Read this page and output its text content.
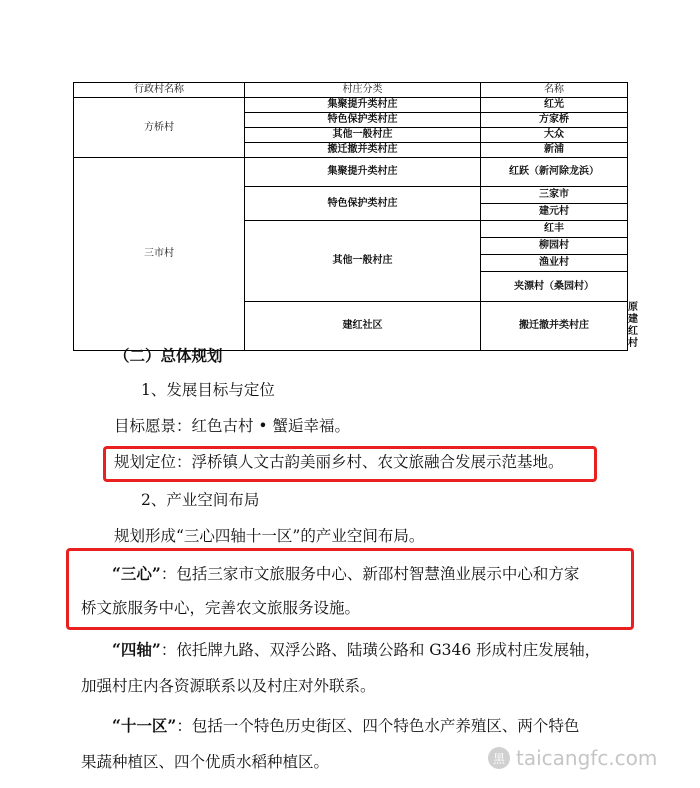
行政村名称	村庄分类	名称	
方桥村	集聚提升类村庄	红光	
	特色保护类村庄	方家桥	
	其他一般村庄	大众	
	搬迁撤并类村庄	新浦	
三市村	集聚提升类村庄	红跃（新河除龙浜）	
	特色保护类村庄	三家市	
		建元村	
	其他一般村庄	红丰	
		柳园村	
		渔业村	
		夹漂村（桑园村）	
	建红社区	搬迁撤并类村庄	原建红村
（二）总体规划
1、发展目标与定位
目标愿景：红色古村 • 蟹逅幸福。
规划定位：浮桥镇人文古韵美丽乡村、农文旅融合发展示范基地。
2、产业空间布局
规划形成“三心四轴十一区”的产业空间布局。
“三心”：包括三家市文旅服务中心、新邵村智慧渔业展示中心和方家
桥文旅服务中心，完善农文旅服务设施。
“四轴”：依托牌九路、双浮公路、陆璜公路和 G346 形成村庄发展轴，
加强村庄内各资源联系以及村庄对外联系。
“十一区”：包括一个特色历史街区、四个特色水产养殖区、两个特色
果蔬种植区、四个优质水稻种植区。	黑 taicangfc.com
